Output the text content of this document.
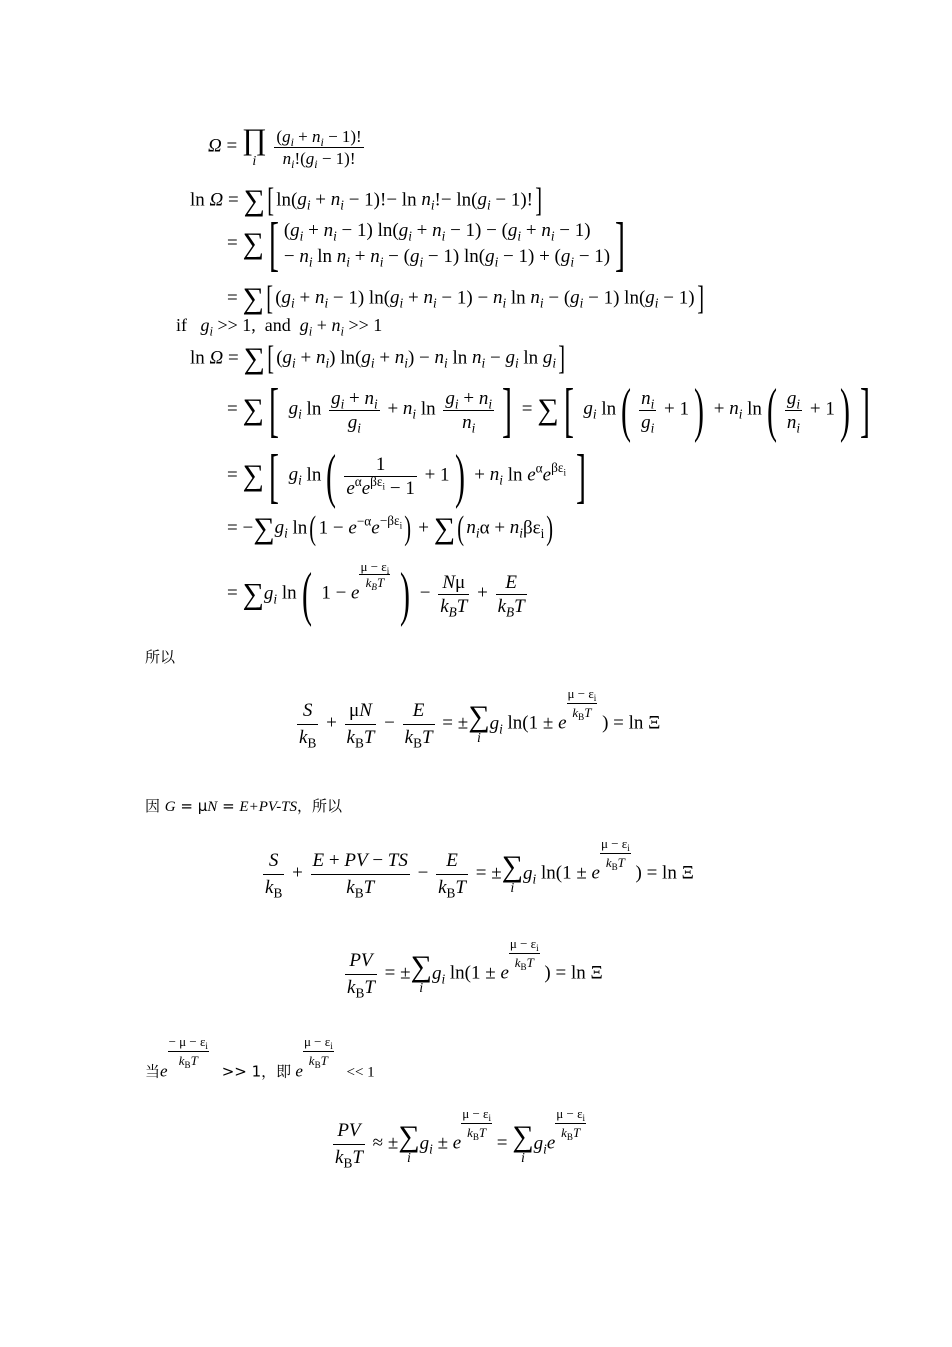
Ω = ∏
i
	$\frac{(g_i + n_i - 1)!}{n_i!(g_i - 1)!}$
ln Ω = ∑[ $\ln(g_i + n_i - 1)!- \ln n_i!- \ln(g_i - 1)$!]
= ∑[ $(g_i + n_i - 1) \ln(g_i + n_i - 1) - (g_i + n_i - 1)$
− $n_i$ $\ln n_i + n_i - (g_i - 1) \ln(g_i - 1) + (g_i - 1)$ ]
= ∑[ $(g_i + n_i - 1) \ln(g_i + n_i - 1) - n_i$ $\ln n_i - (g_i - 1) \ln(g_i - 1)$]
if   $g_i >> 1$,  and  $g_i + n_i >> 1$
ln Ω = ∑[ $(g_i + n_i) \ln(g_i + n_i) - n_i$ $\ln n_i - g_i$ $\ln g_i$]
= ∑[ $g_i$ $\ln \frac{g_i + n_i}{g_i} + n_i$ $\ln \frac{g_i + n_i}{n_i}$ ] = ∑[ $g_i$ $\ln( \frac{n_i}{g_i} + 1) + n_i$ $\ln( \frac{g_i}{n_i} + 1)$ ]
= ∑[ $g_i$ $\ln( \frac{1}{e^\alpha e^{\beta\varepsilon_i} - 1} + 1) + n_i$ $\ln e^\alpha e^{\beta\varepsilon_i}$ ]
= $-\sum g_i$ ln( $1 - e^{-\alpha}e^{-\beta\varepsilon_i}$) + ∑( $n_i\alpha + n_i\beta\varepsilon_i$)
= $\sum g_i$ ln( 1 − e
$\frac{\mu - \varepsilon_i}{k_BT}$ ) − $\frac{N\mu}{k_BT} + \frac{E}{k_BT}$
所以
$\frac{S}{k_B} + \frac{\mu N}{k_BT} - \frac{E}{k_BT}$ = ± ∑
i
$g_i$ ln(1 ± e
$\frac{\mu - \varepsilon_i}{k_BT}$
) = ln Ξ
因 G = μN = E+PV-TS，所以
$\frac{S}{k_B} + \frac{E + PV - TS}{k_BT} - \frac{E}{k_BT}$ = ± ∑
i
$g_i$ ln(1 ± e
$\frac{\mu - \varepsilon_i}{k_BT}$
) = ln Ξ
$\frac{PV}{k_BT}$ = ± ∑
i
$g_i$ ln(1 ± e
$\frac{\mu - \varepsilon_i}{k_BT}$
) = ln Ξ
当e
$\frac{- \mu - \varepsilon_i}{k_BT}$
>> 1，即 e
$\frac{\mu - \varepsilon_i}{k_BT}$
<< 1
$\frac{PV}{k_BT}$ ≈ ± ∑
i
$g_i \pm e$
$\frac{\mu - \varepsilon_i}{k_BT}$
= ∑
i
$g_ie$
$\frac{\mu - \varepsilon_i}{k_BT}$
